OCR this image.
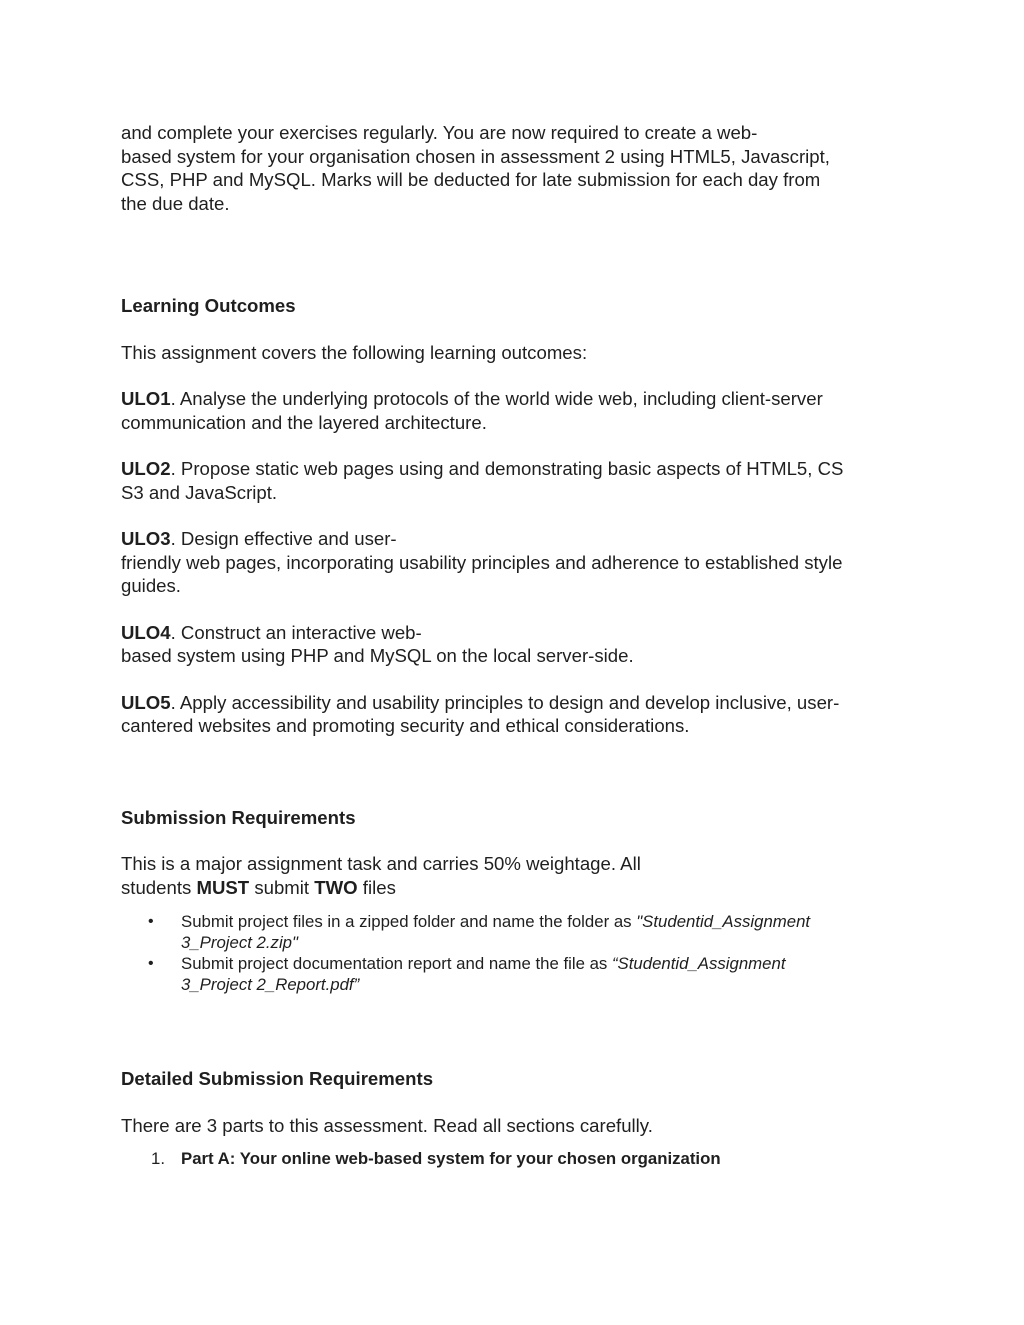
and complete your exercises regularly. You are now required to create a web-
based system for your organisation chosen in assessment 2 using HTML5, Javascript,
CSS, PHP and MySQL. Marks will be deducted for late submission for each day from
the due date.

Learning Outcomes

This assignment covers the following learning outcomes:

ULO1. Analyse the underlying protocols of the world wide web, including client-server
communication and the layered architecture.

ULO2. Propose static web pages using and demonstrating basic aspects of HTML5, CS
S3 and JavaScript.

ULO3. Design effective and user-
friendly web pages, incorporating usability principles and adherence to established style
guides.

ULO4. Construct an interactive web-
based system using PHP and MySQL on the local server-side.

ULO5. Apply accessibility and usability principles to design and develop inclusive, user-
cantered websites and promoting security and ethical considerations.

Submission Requirements

This is a major assignment task and carries 50% weightage. All
students MUST submit TWO files

• Submit project files in a zipped folder and name the folder as "Studentid_Assignment
3_Project 2.zip"
• Submit project documentation report and name the file as “Studentid_Assignment
3_Project 2_Report.pdf”

Detailed Submission Requirements

There are 3 parts to this assessment. Read all sections carefully.

1. Part A: Your online web-based system for your chosen organization
